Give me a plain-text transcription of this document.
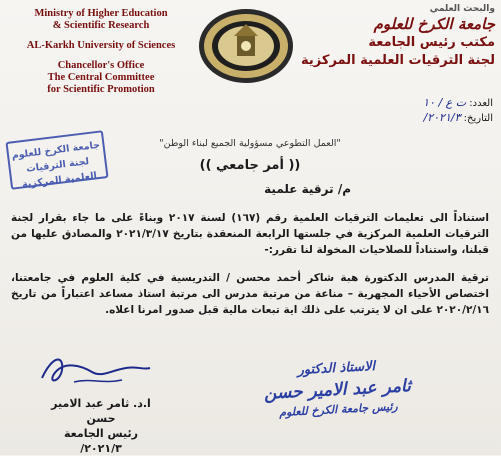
Ministry of Higher Education
& Scientific Research
AL-Karkh University of Sciences
Chancellor's Office
The Central Committee
for Scientific Promotion
والبحث العلمي
جامعة الكرخ للعلوم
مكتب رئيس الجامعة
لجنة الترقيات العلمية المركزية
العدد: ت ع / ١٠
التاريخ: ٢٠٢١/٣/
جامعة الكرخ للعلوم
لجنة الترقيات العلمية المركزية
"العمل التطوعي مسؤولية الجميع لبناء الوطن"
(( أمر جامعي ))
م/ ترقية علمية
استناداً الى تعليمات الترقيات العلمية رقم (١٦٧) لسنة ٢٠١٧ وبناءً على ما جاء بقرار لجنة الترقيات العلمية المركزية في جلستها الرابعة المنعقدة بتاريخ ٢٠٢١/٣/١٧ والمصادق عليها من قبلنا، واستناداً للصلاحيات المخولة لنا تقرر:-
ترقية المدرس الدكتورة هبة شاكر أحمد محسن / التدريسية في كلية العلوم في جامعتنا، اختصاص الأحياء المجهرية – مناعة من مرتبة مدرس الى مرتبة استاذ مساعد اعتباراً من تاريخ ٢٠٢٠/٢/١٦ على ان لا يترتب على ذلك اية تبعات مالية قبل صدور امرنا اعلاه.
ا.د. ثامر عبد الامير حسن
رئيس الجامعة
٢٠٢١/٣/
الاستاذ الدكتور
ثامر عبد الامير حسن
رئيس جامعة الكرخ للعلوم
